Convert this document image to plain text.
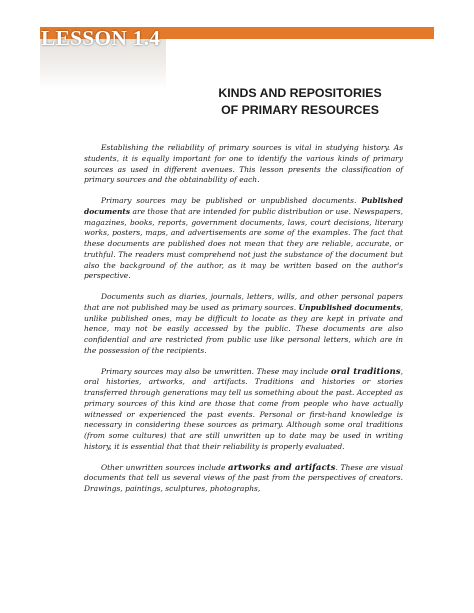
LESSON 1.4
KINDS AND REPOSITORIES
OF PRIMARY RESOURCES

Establishing the reliability of primary sources is vital in studying history. As students, it is equally important for one to identify the various kinds of primary sources as used in different avenues. This lesson presents the classification of primary sources and the obtainability of each.

Primary sources may be published or unpublished documents. Published documents are those that are intended for public distribution or use. Newspapers, magazines, books, reports, government documents, laws, court decisions, literary works, posters, maps, and advertisements are some of the examples. The fact that these documents are published does not mean that they are reliable, accurate, or truthful. The readers must comprehend not just the substance of the document but also the background of the author, as it may be written based on the author's perspective.

Documents such as diaries, journals, letters, wills, and other personal papers that are not published may be used as primary sources. Unpublished documents, unlike published ones, may be difficult to locate as they are kept in private and hence, may not be easily accessed by the public. These documents are also confidential and are restricted from public use like personal letters, which are in the possession of the recipients.

Primary sources may also be unwritten. These may include oral traditions, oral histories, artworks, and artifacts. Traditions and histories or stories transferred through generations may tell us something about the past. Accepted as primary sources of this kind are those that come from people who have actually witnessed or experienced the past events. Personal or first-hand knowledge is necessary in considering these sources as primary. Although some oral traditions (from some cultures) that are still unwritten up to date may be used in writing history, it is essential that that their reliability is properly evaluated.

Other unwritten sources include artworks and artifacts. These are visual documents that tell us several views of the past from the perspectives of creators. Drawings, paintings, sculptures, photographs,
